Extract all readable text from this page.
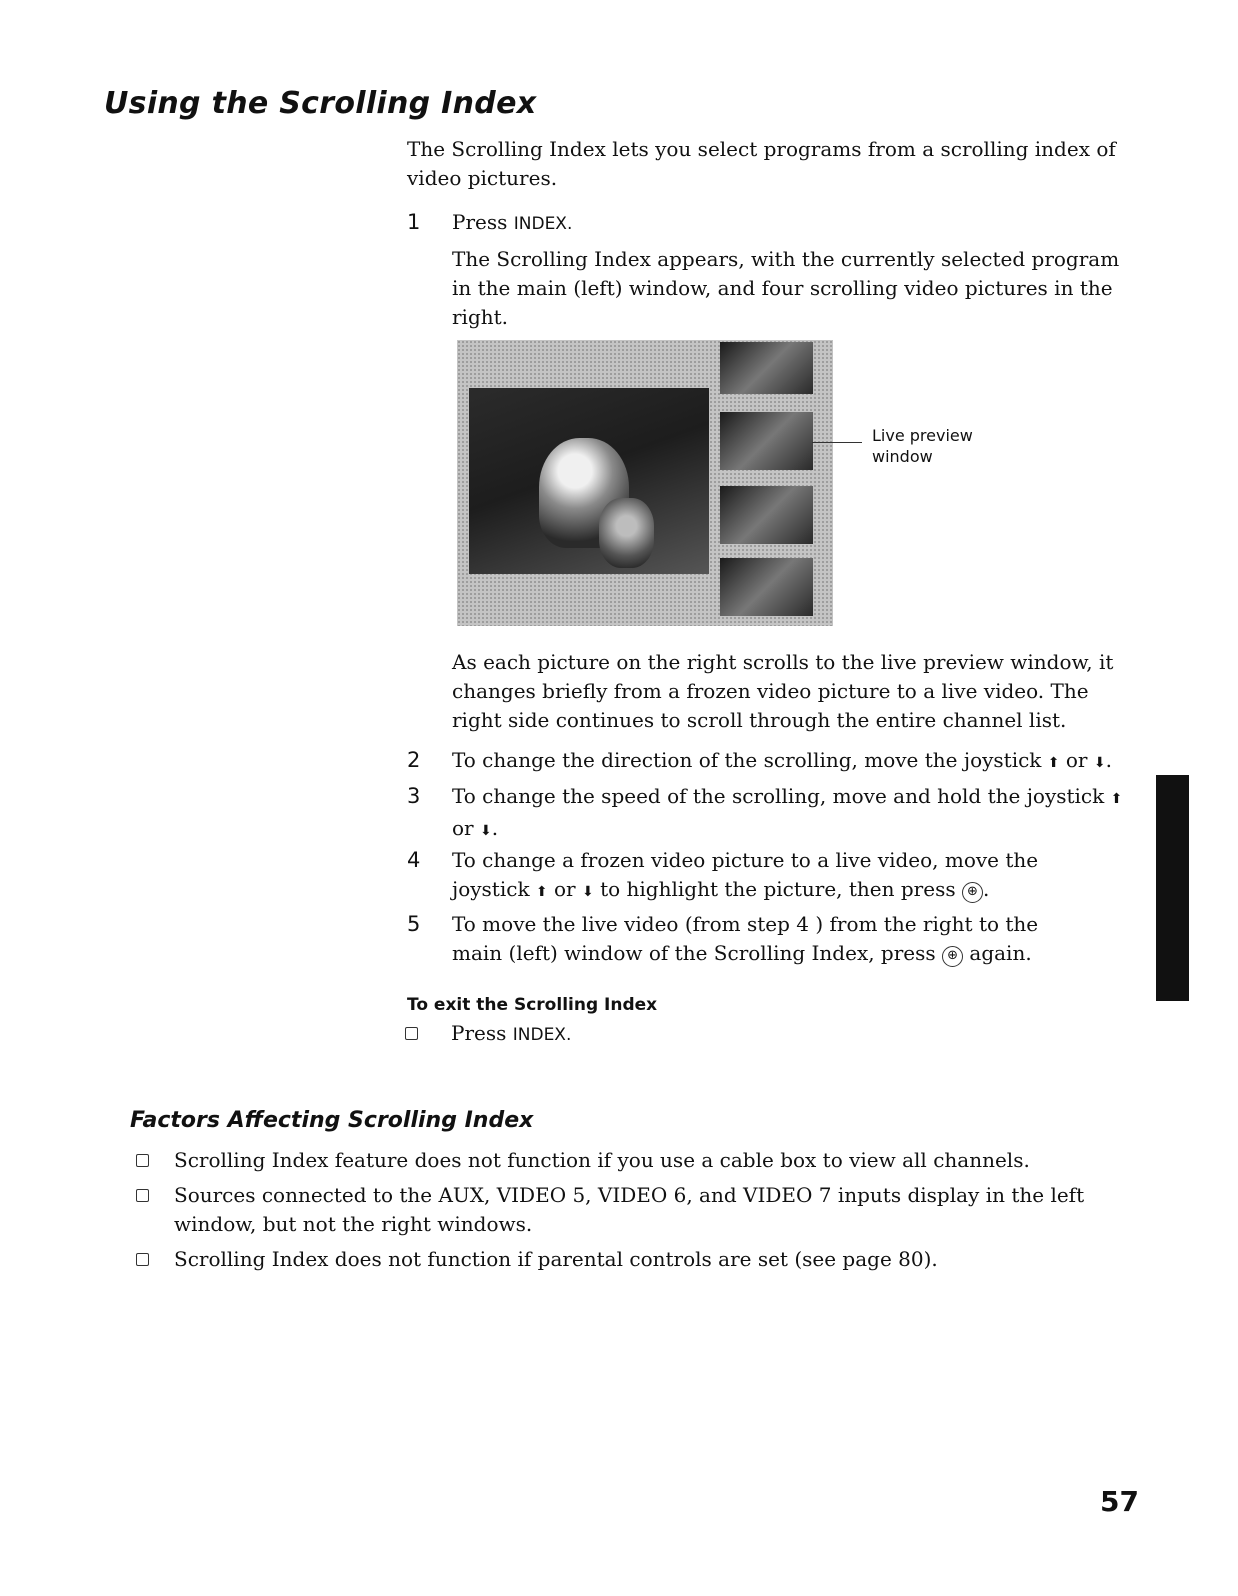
Using the Scrolling Index

The Scrolling Index lets you select programs from a scrolling index of video pictures.

1	Press INDEX.

The Scrolling Index appears, with the currently selected program in the main (left) window, and four scrolling video pictures in the right.

Live preview
window

As each picture on the right scrolls to the live preview window, it changes briefly from a frozen video picture to a live video. The right side continues to scroll through the entire channel list.

2	To change the direction of the scrolling, move the joystick ⬆ or ⬇.
3	To change the speed of the scrolling, move and hold the joystick ⬆ or ⬇.
4	To change a frozen video picture to a live video, move the joystick ⬆ or ⬇ to highlight the picture, then press ⊕ .
5	To move the live video (from step 4 ) from the right to the main (left) window of the Scrolling Index, press ⊕ again.
To exit the Scrolling Index
Press INDEX.
Factors Affecting Scrolling Index
Scrolling Index feature does not function if you use a cable box to view all channels.
Sources connected to the AUX, VIDEO 5, VIDEO 6, and VIDEO 7 inputs display in the left window, but not the right windows.
Scrolling Index does not function if parental controls are set (see page 80).
57
